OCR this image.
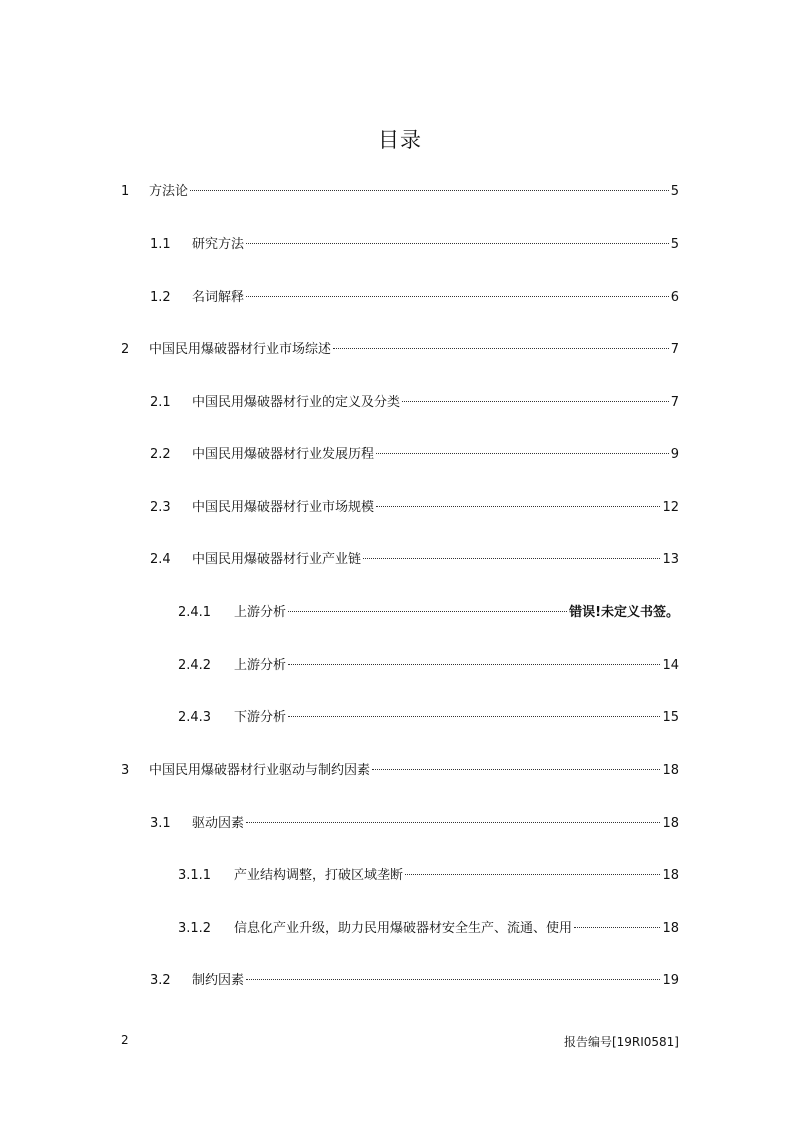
目录
1	方法论	5
1.1	研究方法	5
1.2	名词解释	6
2	中国民用爆破器材行业市场综述	7
2.1	中国民用爆破器材行业的定义及分类	7
2.2	中国民用爆破器材行业发展历程	9
2.3	中国民用爆破器材行业市场规模	12
2.4	中国民用爆破器材行业产业链	13
2.4.1	上游分析	错误!未定义书签。
2.4.2	上游分析	14
2.4.3	下游分析	15
3	中国民用爆破器材行业驱动与制约因素	18
3.1	驱动因素	18
3.1.1	产业结构调整，打破区域垄断	18
3.1.2	信息化产业升级，助力民用爆破器材安全生产、流通、使用	18
3.2	制约因素	19
2	报告编号[19RI0581]
